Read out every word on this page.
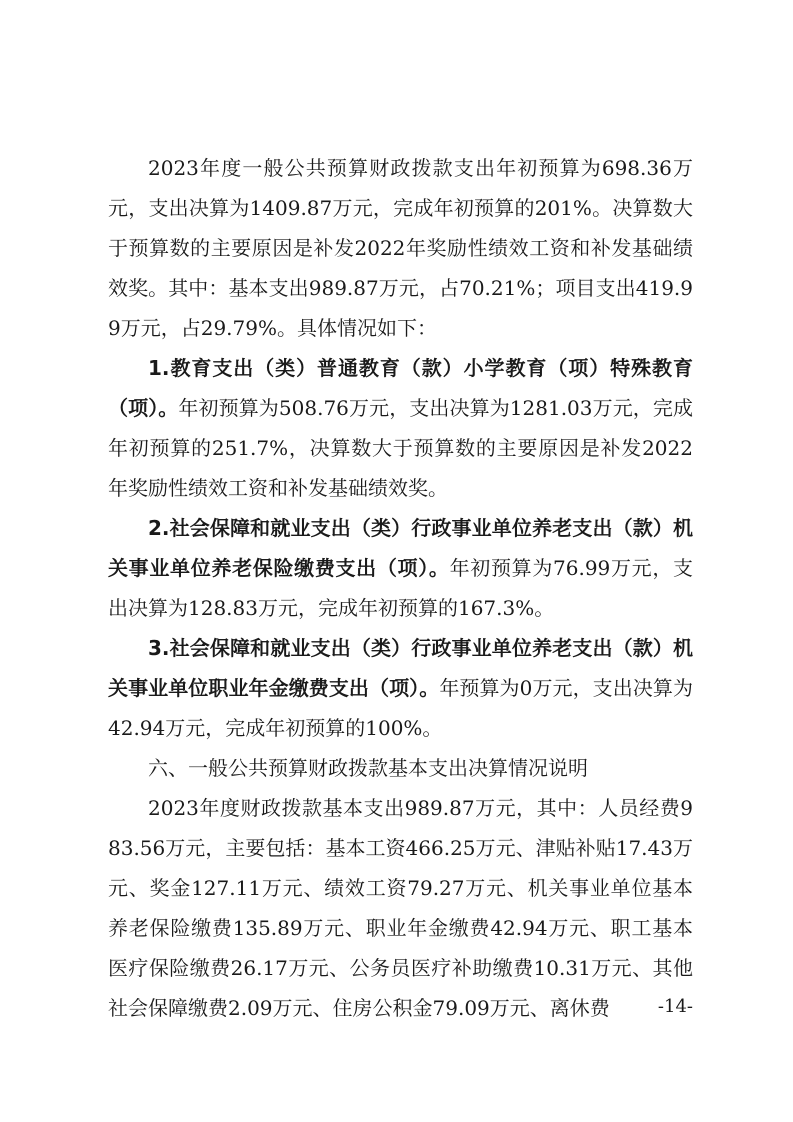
2023年度一般公共预算财政拨款支出年初预算为698.36万元，支出决算为1409.87万元，完成年初预算的201%。决算数大于预算数的主要原因是补发2022年奖励性绩效工资和补发基础绩效奖。其中：基本支出989.87万元，占70.21%；项目支出419.99万元，占29.79%。具体情况如下：

1.教育支出（类）普通教育（款）小学教育（项）特殊教育（项）。年初预算为508.76万元，支出决算为1281.03万元，完成年初预算的251.7%，决算数大于预算数的主要原因是补发2022年奖励性绩效工资和补发基础绩效奖。

2.社会保障和就业支出（类）行政事业单位养老支出（款）机关事业单位养老保险缴费支出（项）。年初预算为76.99万元，支出决算为128.83万元，完成年初预算的167.3%。

3.社会保障和就业支出（类）行政事业单位养老支出（款）机关事业单位职业年金缴费支出（项）。年预算为0万元，支出决算为42.94万元，完成年初预算的100%。

六、一般公共预算财政拨款基本支出决算情况说明

2023年度财政拨款基本支出989.87万元，其中：人员经费983.56万元，主要包括：基本工资466.25万元、津贴补贴17.43万元、奖金127.11万元、绩效工资79.27万元、机关事业单位基本养老保险缴费135.89万元、职业年金缴费42.94万元、职工基本医疗保险缴费26.17万元、公务员医疗补助缴费10.31万元、其他社会保障缴费2.09万元、住房公积金79.09万元、离休费	-14-
